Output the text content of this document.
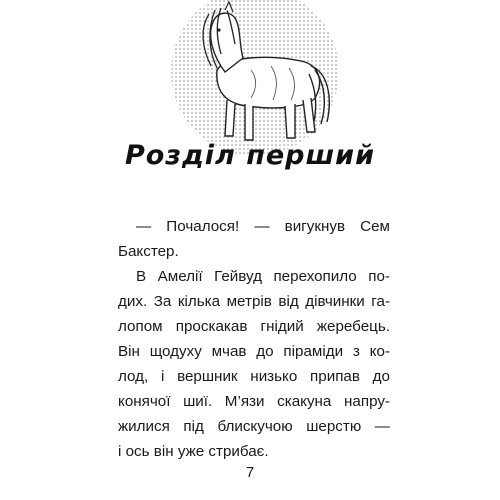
Розділ перший
— Почалося! — вигукнув Сем
Бакстер.
В Амелії Гейвуд перехопило по-
дих. За кілька метрів від дівчинки га-
лопом проскакав гнідий жеребець.
Він щодуху мчав до піраміди з ко-
лод, і вершник низько припав до
конячої шиї. М’язи скакуна напру-
жилися під блискучою шерстю —
і ось він уже стрибає.
7
